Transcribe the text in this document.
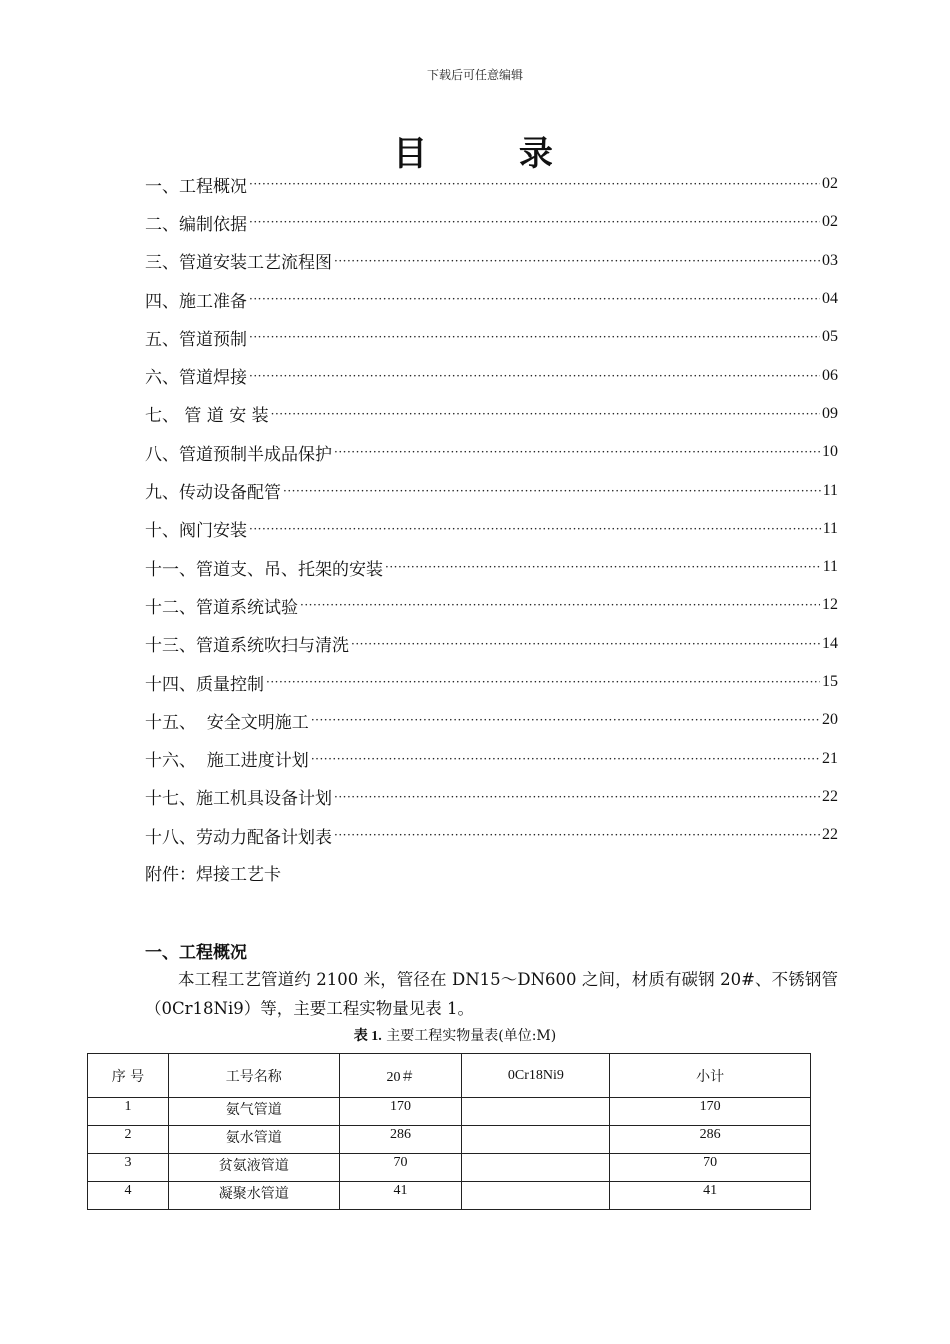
下载后可任意编辑
目 录
一、工程概况 ·····	02
二、编制依据 ·····	02
三、管道安装工艺流程图 ·····	03
四、施工准备 ·····	04
五、管道预制 ·····	05
六、管道焊接 ·····	06
七、 管 道 安 装 ·····	09
八、管道预制半成品保护 ·····	10
九、传动设备配管 ·····	11
十、阀门安装 ·····	11
十一、管道支、吊、托架的安装 ·····	11
十二、管道系统试验 ·····	12
十三、管道系统吹扫与清洗 ·····	14
十四、质量控制 ·····	15
十五、  安全文明施工 ·····	20
十六、  施工进度计划 ·····	21
十七、施工机具设备计划 ·····	22
十八、劳动力配备计划表 ·····	22
附件：焊接工艺卡
一、工程概况
本工程工艺管道约 2100 米，管径在 DN15～DN600 之间，材质有碳钢 20#、不锈钢管（0Cr18Ni9）等，主要工程实物量见表 1。
表 1. 主要工程实物量表(单位:M)
序 号	工号名称	20＃	0Cr18Ni9	小计
1	氨气管道	170		170
2	氨水管道	286		286
3	贫氨液管道	70		70
4	凝聚水管道	41		41
